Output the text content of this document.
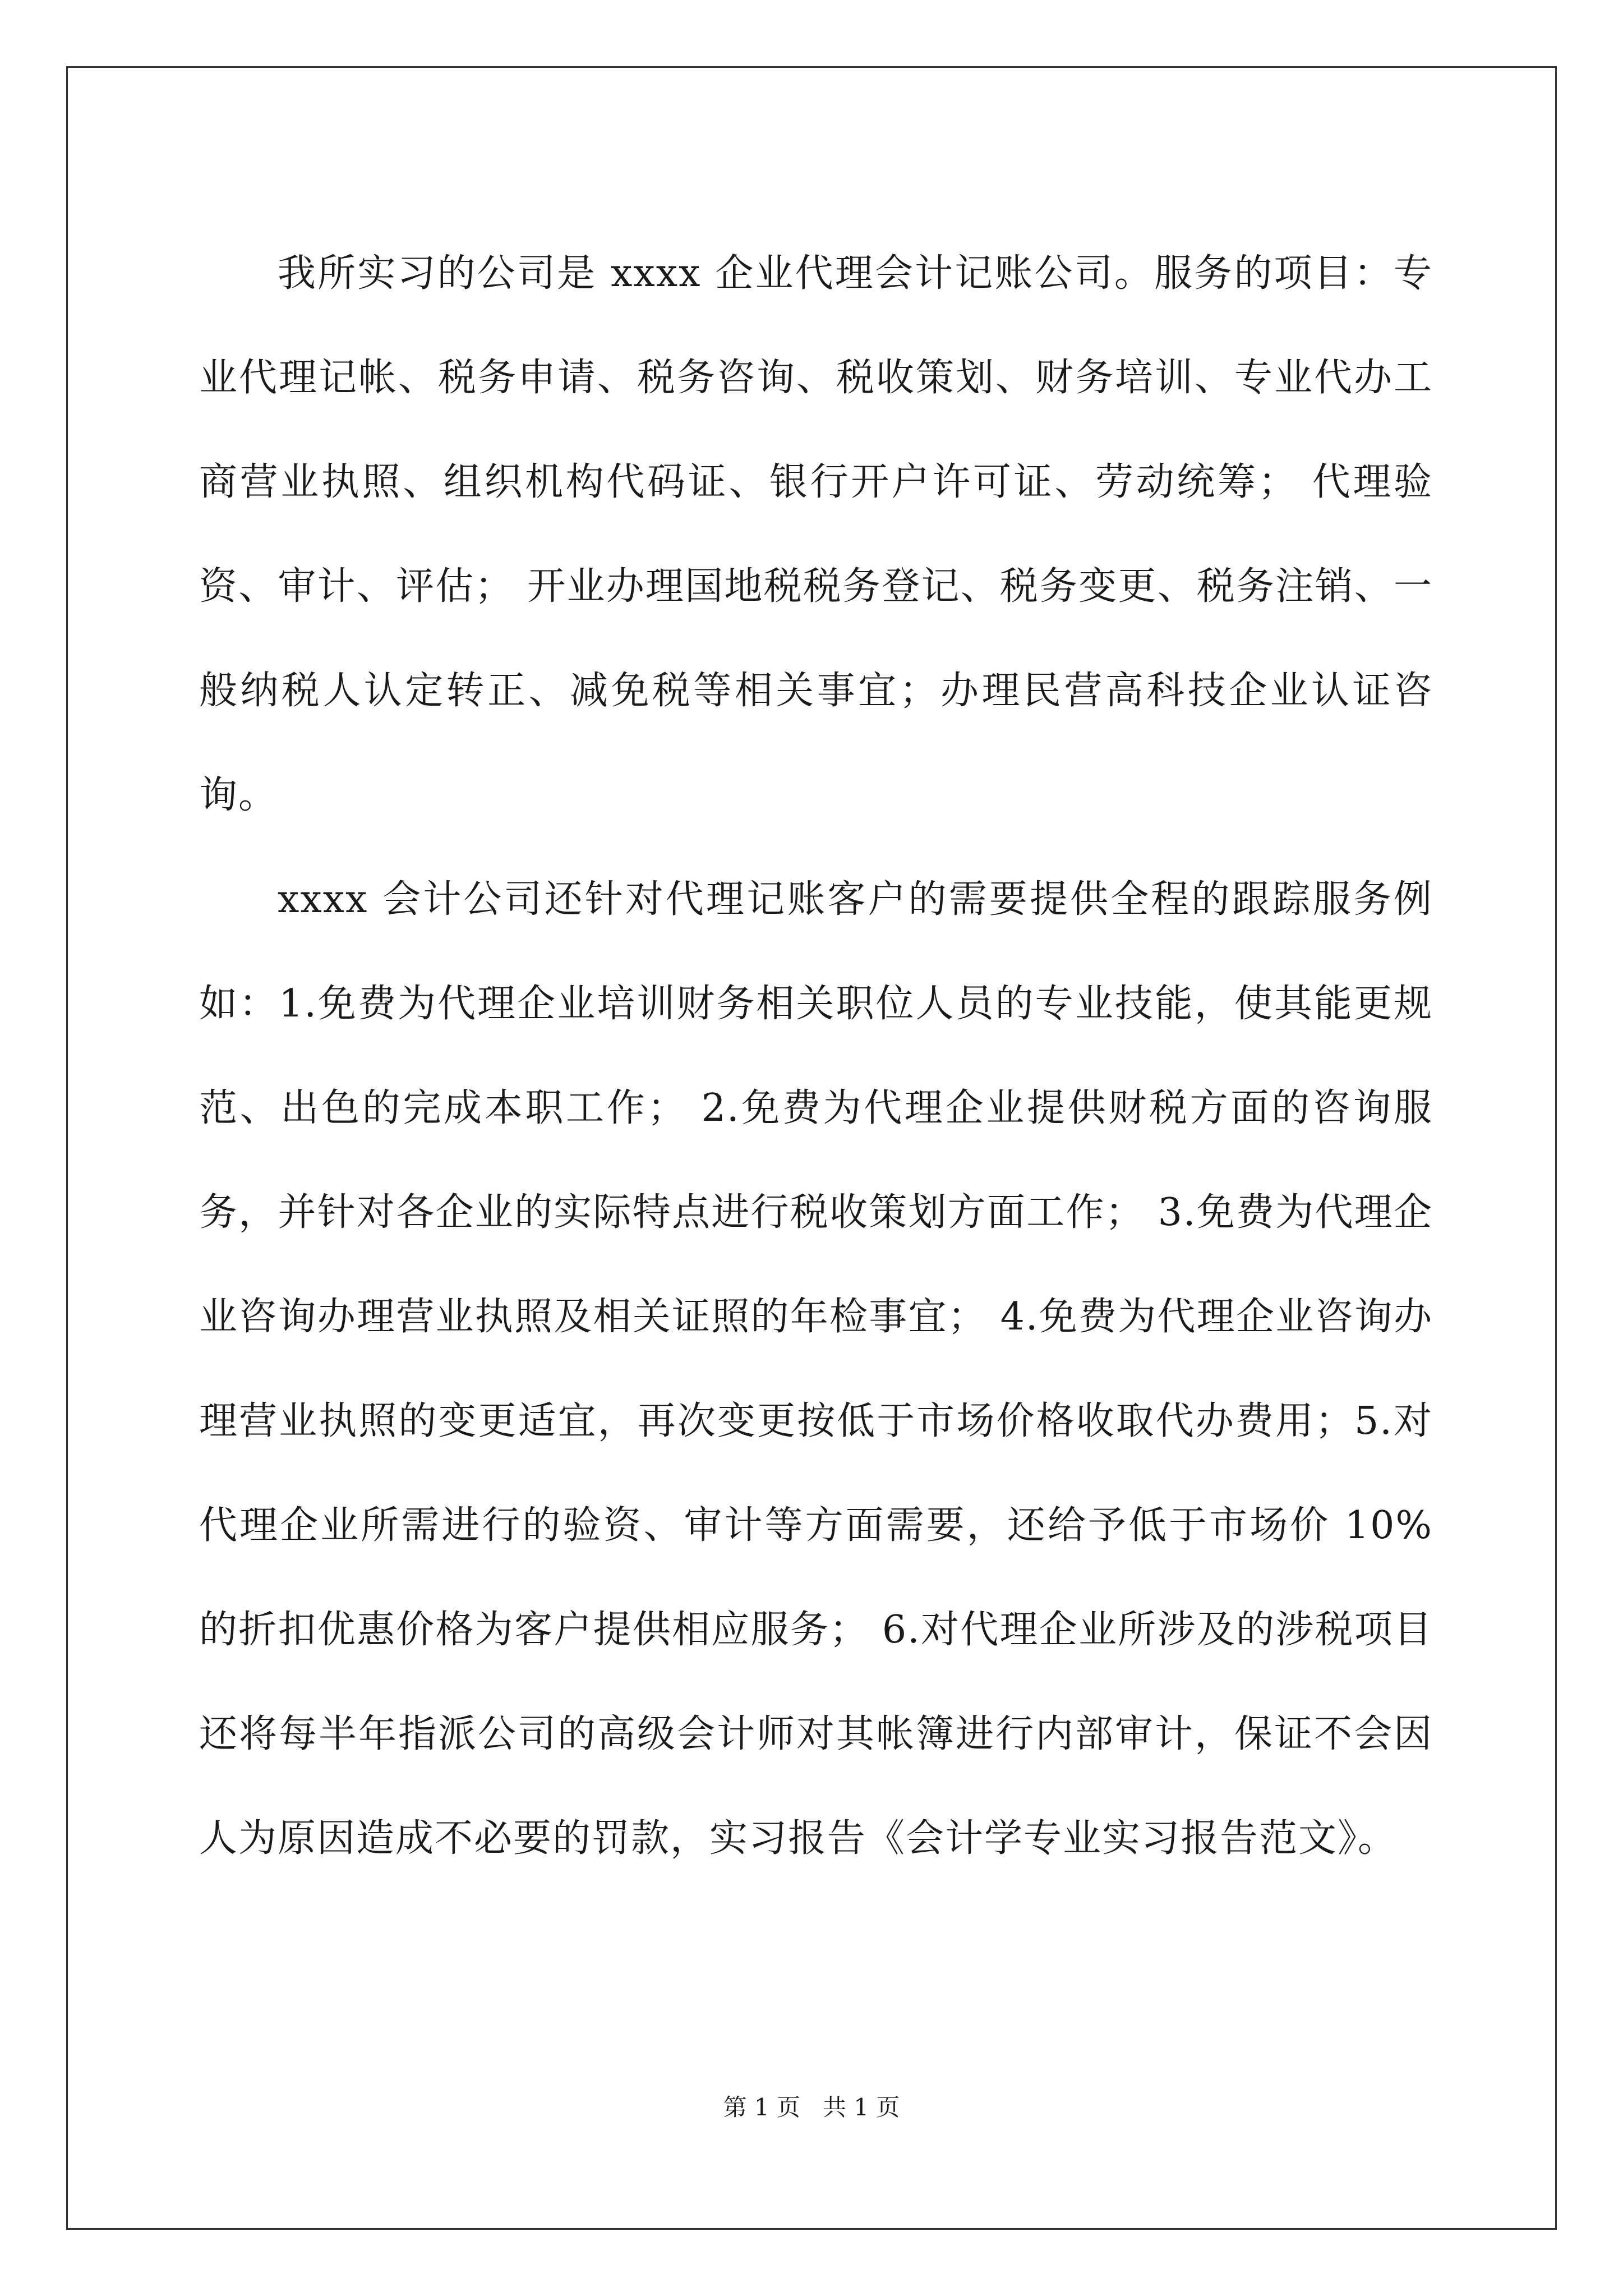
我所实习的公司是 xxxx 企业代理会计记账公司。服务的项目：专业代理记帐、税务申请、税务咨询、税收策划、财务培训、专业代办工商营业执照、组织机构代码证、银行开户许可证、劳动统筹； 代理验资、审计、评估； 开业办理国地税税务登记、税务变更、税务注销、一般纳税人认定转正、减免税等相关事宜；办理民营高科技企业认证咨询。

xxxx 会计公司还针对代理记账客户的需要提供全程的跟踪服务例如：1.免费为代理企业培训财务相关职位人员的专业技能，使其能更规范、出色的完成本职工作； 2.免费为代理企业提供财税方面的咨询服务，并针对各企业的实际特点进行税收策划方面工作； 3.免费为代理企业咨询办理营业执照及相关证照的年检事宜； 4.免费为代理企业咨询办理营业执照的变更适宜，再次变更按低于市场价格收取代办费用；5.对代理企业所需进行的验资、审计等方面需要，还给予低于市场价 10%的折扣优惠价格为客户提供相应服务； 6.对代理企业所涉及的涉税项目还将每半年指派公司的高级会计师对其帐簿进行内部审计，保证不会因人为原因造成不必要的罚款，实习报告《会计学专业实习报告范文》。

第 1 页 共 1 页
